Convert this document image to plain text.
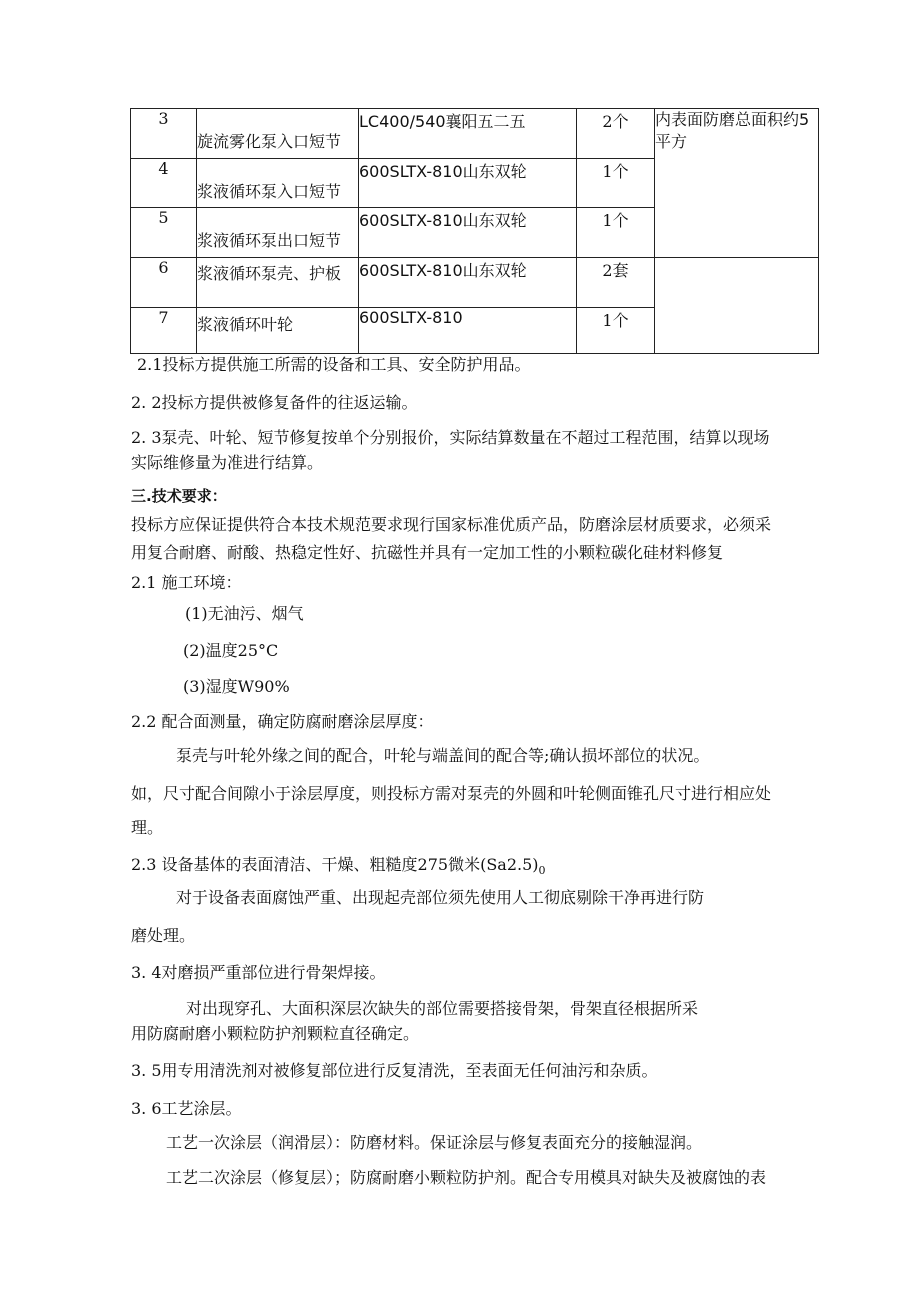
3	旋流雾化泵入口短节	LC400/540襄阳五二五	2个	内表面防磨总面积约5平方
4	浆液循环泵入口短节	600SLTX-810山东双轮	1个	
5	浆液循环泵出口短节	600SLTX-810山东双轮	1个	
6	浆液循环泵壳、护板	600SLTX-810山东双轮	2套	
7	浆液循环叶轮	600SLTX-810	1个	
2.1投标方提供施工所需的设备和工具、安全防护用品。
2. 2投标方提供被修复备件的往返运输。
2. 3泵壳、叶轮、短节修复按单个分别报价，实际结算数量在不超过工程范围，结算以现场
实际维修量为准进行结算。
三.技术要求：
投标方应保证提供符合本技术规范要求现行国家标准优质产品，防磨涂层材质要求，必须采
用复合耐磨、耐酸、热稳定性好、抗磁性并具有一定加工性的小颗粒碳化硅材料修复
2.1 施工环境：
(1)无油污、烟气
(2)温度25°C
(3)湿度W90%
2.2 配合面测量，确定防腐耐磨涂层厚度：
泵壳与叶轮外缘之间的配合，叶轮与端盖间的配合等;确认损坏部位的状况。
如，尺寸配合间隙小于涂层厚度，则投标方需对泵壳的外圆和叶轮侧面锥孔尺寸进行相应处
理。
2.3 设备基体的表面清洁、干燥、粗糙度275微米$(Sa2.5)_0$
对于设备表面腐蚀严重、出现起壳部位须先使用人工彻底剔除干净再进行防
磨处理。
3. 4对磨损严重部位进行骨架焊接。
对出现穿孔、大面积深层次缺失的部位需要搭接骨架，骨架直径根据所采
用防腐耐磨小颗粒防护剂颗粒直径确定。
3. 5用专用清洗剂对被修复部位进行反复清洗，至表面无任何油污和杂质。
3. 6工艺涂层。
工艺一次涂层（润滑层）：防磨材料。保证涂层与修复表面充分的接触湿润。
工艺二次涂层（修复层）；防腐耐磨小颗粒防护剂。配合专用模具对缺失及被腐蚀的表
